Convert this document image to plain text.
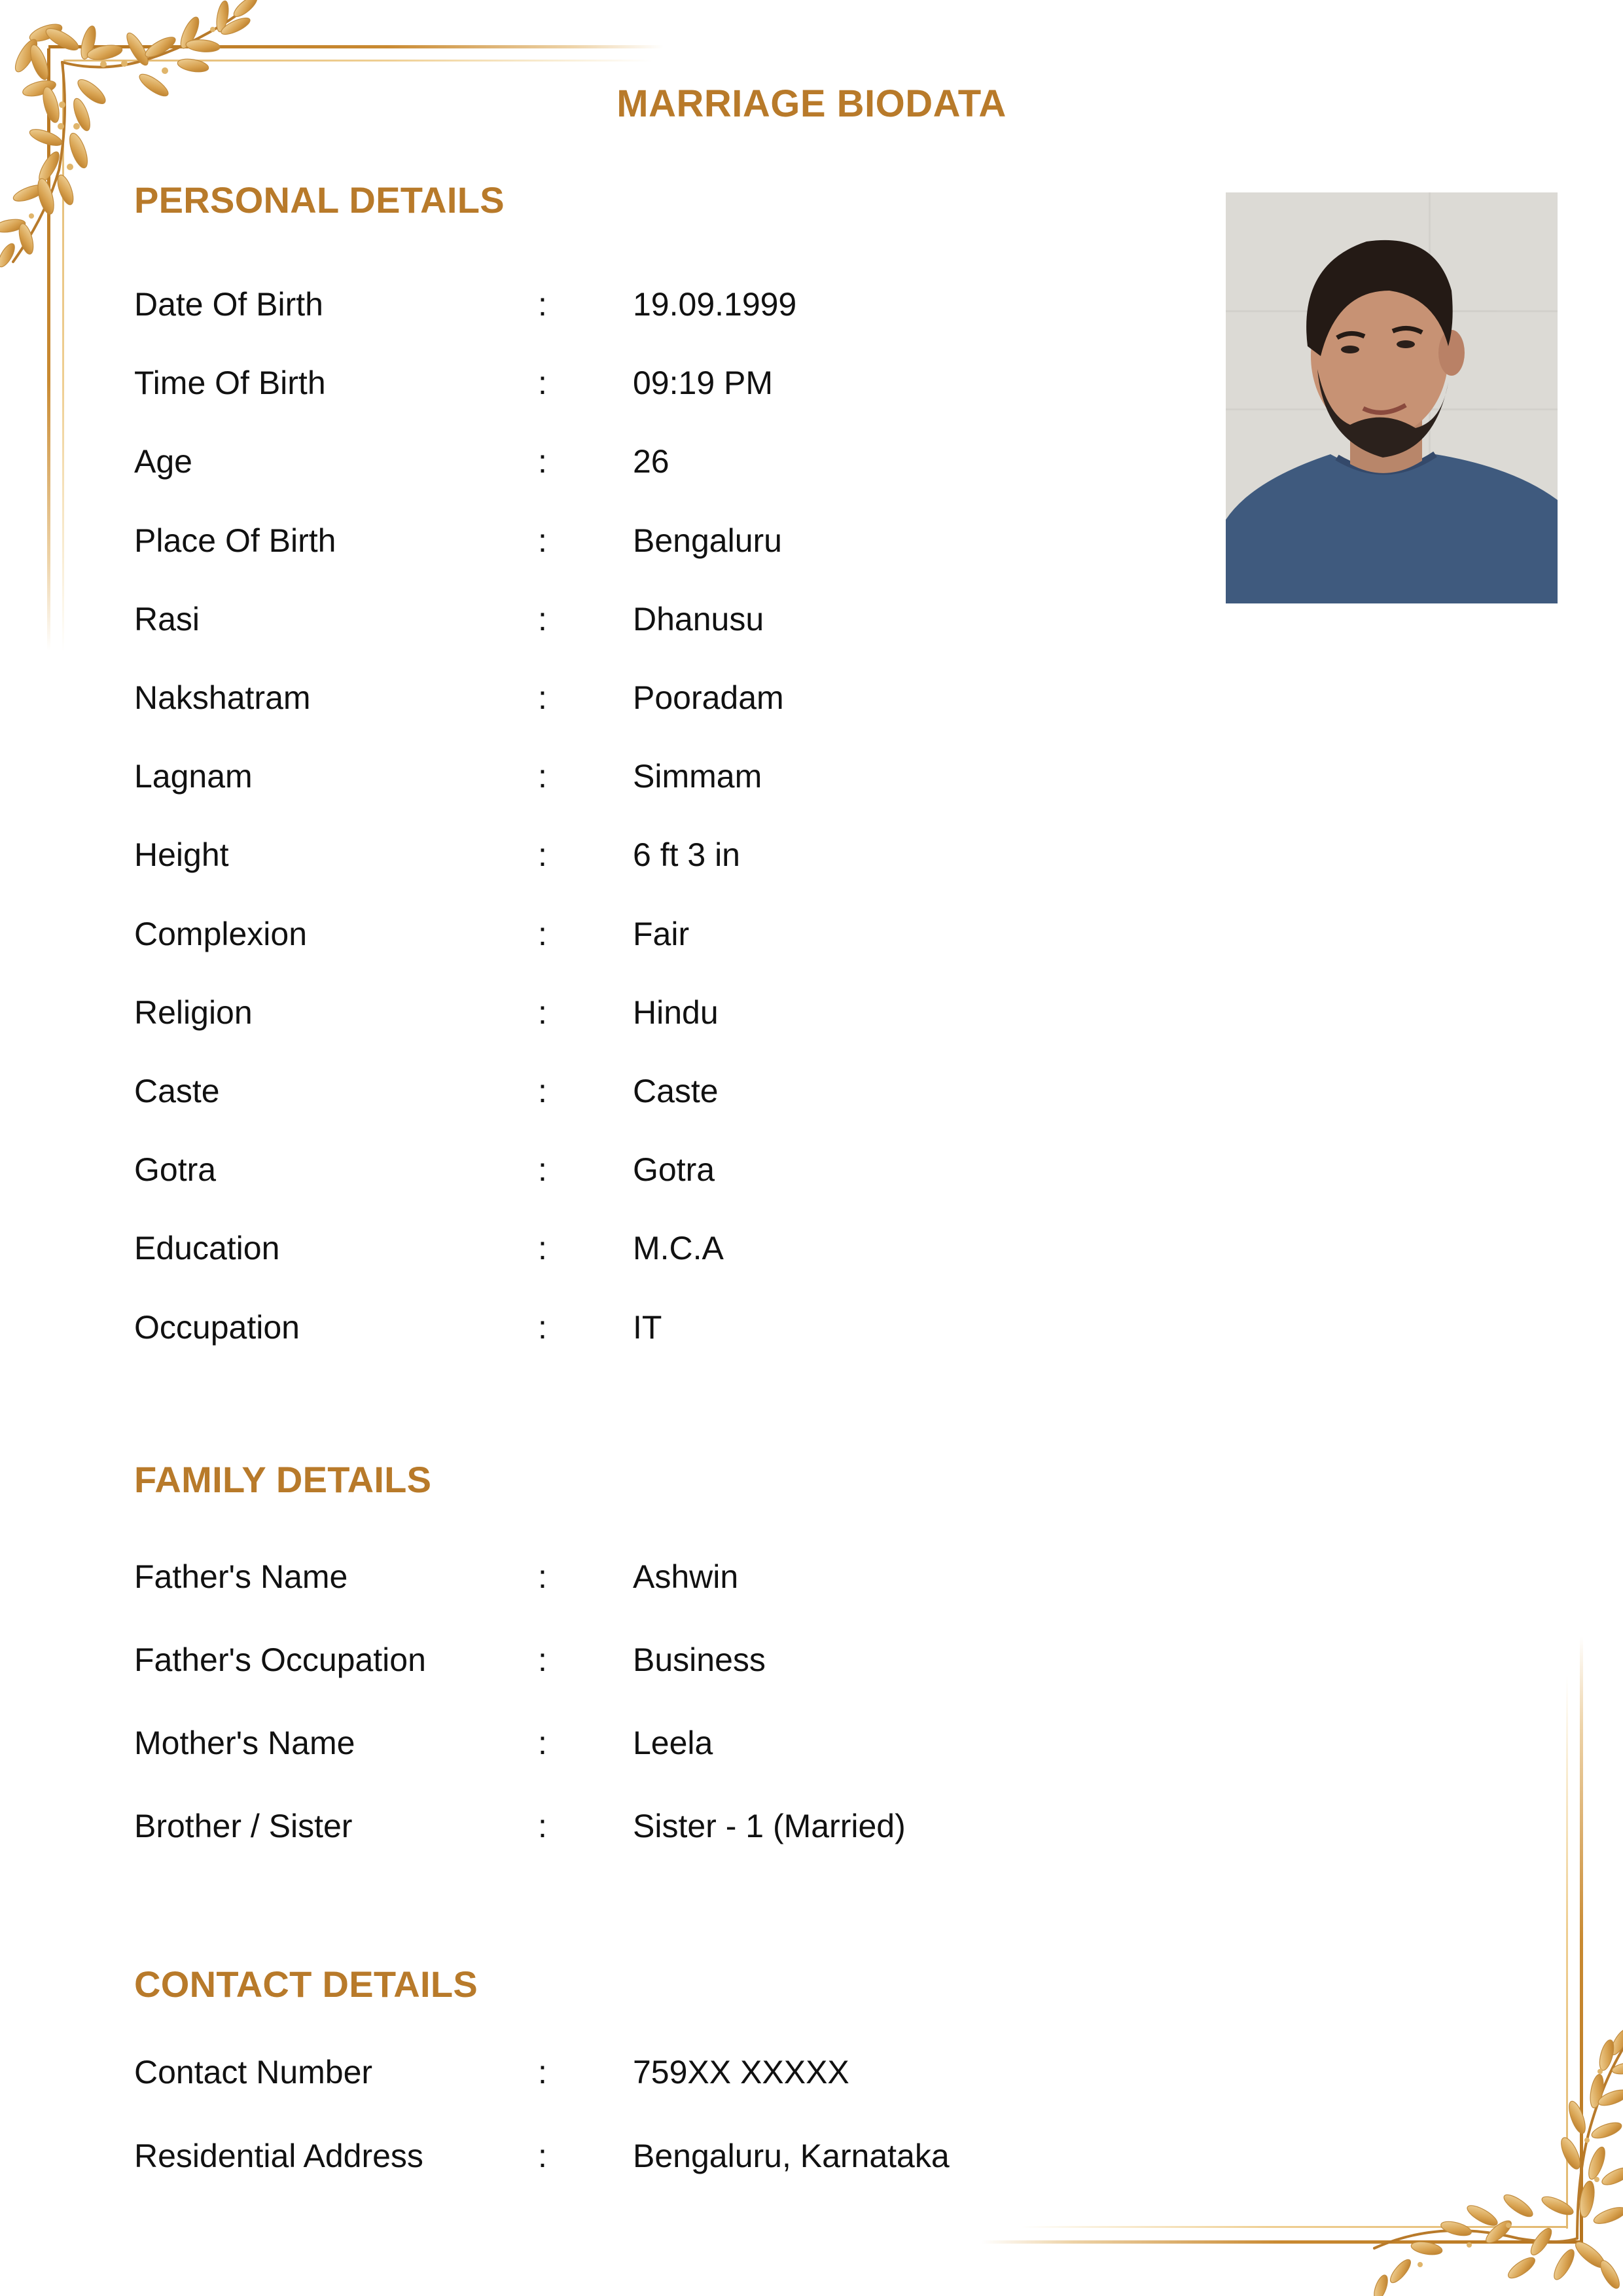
MARRIAGE BIODATA
PERSONAL DETAILS
FAMILY DETAILS
CONTACT DETAILS
Date Of Birth	:	19.09.1999
Time Of Birth	:	09:19 PM
Age	:	26
Place Of Birth	:	Bengaluru
Rasi	:	Dhanusu
Nakshatram	:	Pooradam
Lagnam	:	Simmam
Height	:	6 ft 3 in
Complexion	:	Fair
Religion	:	Hindu
Caste	:	Caste
Gotra	:	Gotra
Education	:	M.C.A
Occupation	:	IT
Father's Name	:	Ashwin
Father's Occupation	:	Business
Mother's Name	:	Leela
Brother / Sister	:	Sister - 1 (Married)
Contact Number	:	759XX XXXXX
Residential Address	:	Bengaluru, Karnataka
